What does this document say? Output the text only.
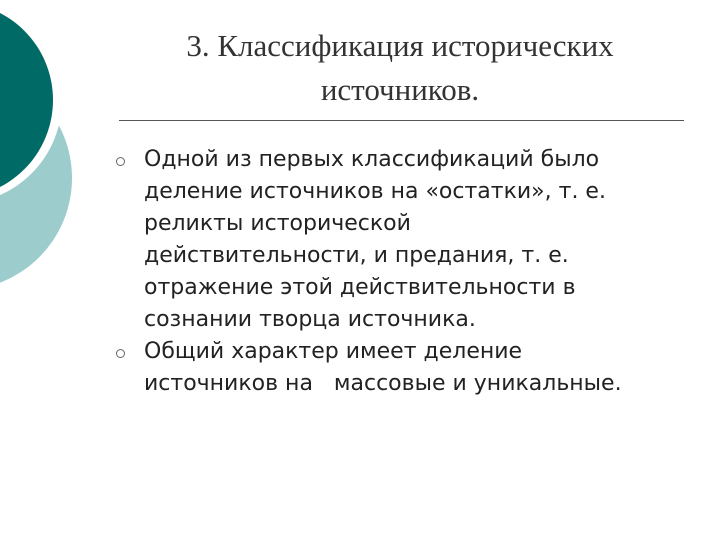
3. Классификация исторических
источников.
Одной из первых классификаций было
деление источников на «остатки», т. е.
реликты исторической
действительности, и предания, т. е.
отражение этой действительности в
сознании творца источника.
Общий характер имеет деление
источников на   массовые и уникальные.
